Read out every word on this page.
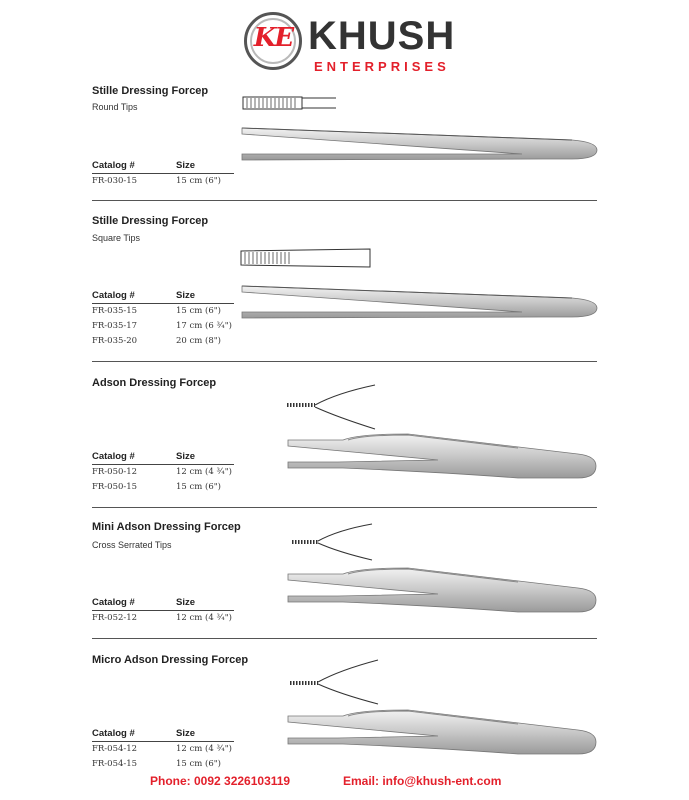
KE KHUSH
ENTERPRISES
Stille Dressing Forcep
Round Tips
Catalog #	Size
FR-030-15	15 cm (6")
Stille Dressing Forcep
Square Tips
Catalog #	Size
FR-035-15	15 cm (6")
FR-035-17	17 cm (6 ¾")
FR-035-20	20 cm (8")
Adson Dressing Forcep
Catalog #	Size
FR-050-12	12 cm (4 ¾")
FR-050-15	15 cm (6")
Mini Adson Dressing Forcep
Cross Serrated Tips
Catalog #	Size
FR-052-12	12 cm (4 ¾")
Micro Adson Dressing Forcep
Catalog #	Size
FR-054-12	12 cm (4 ¾")
FR-054-15	15 cm (6")
Phone: 0092 3226103119	Email: info@khush-ent.com
